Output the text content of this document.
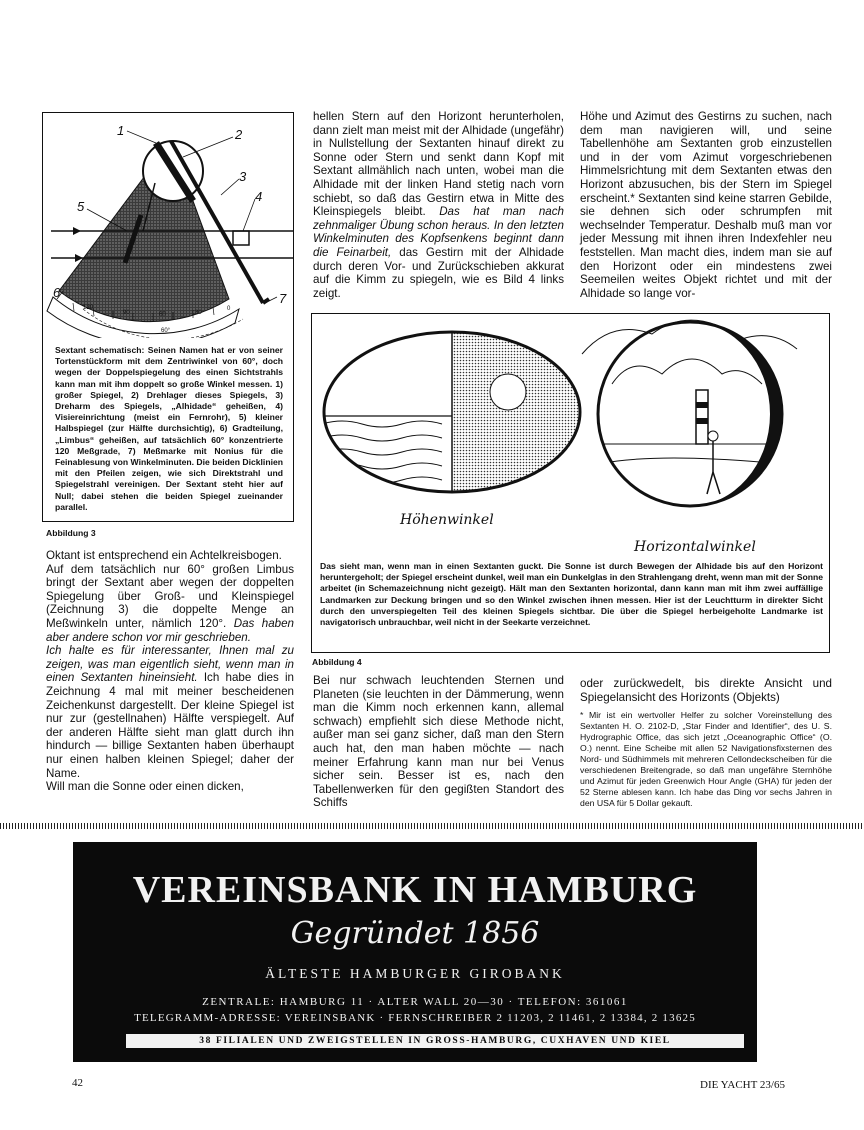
1	2
3
4
5
6	7
120
90	60	30
0
60°
Sextant schematisch: Seinen Namen hat er von seiner Tortenstückform mit dem Zentriwinkel von 60°, doch wegen der Doppelspiegelung des einen Sichtstrahls kann man mit ihm doppelt so große Winkel messen. 1) großer Spiegel, 2) Drehlager dieses Spiegels, 3) Dreharm des Spiegels, „Alhidade“ geheißen, 4) Visiereinrichtung (meist ein Fernrohr), 5) kleiner Halbspiegel (zur Hälfte durchsichtig), 6) Gradteilung, „Limbus“ geheißen, auf tatsächlich 60° konzentrierte 120 Meßgrade, 7) Meßmarke mit Nonius für die Feinablesung von Winkelminuten. Die beiden Dicklinien mit den Pfeilen zeigen, wie sich Direktstrahl und Spiegelstrahl vereinigen. Der Sextant steht hier auf Null; dabei stehen die beiden Spiegel zueinander parallel.
Abbildung 3

Oktant ist entsprechend ein Achtelkreisbogen.

Auf dem tatsächlich nur 60° großen Limbus bringt der Sextant aber wegen der doppelten Spiegelung über Groß- und Kleinspiegel (Zeichnung 3) die doppelte Menge an Meßwinkeln unter, nämlich 120°. Das haben aber andere schon vor mir geschrieben.

Ich halte es für interessanter, Ihnen mal zu zeigen, was man eigentlich sieht, wenn man in einen Sextanten hineinsieht. Ich habe dies in Zeichnung 4 mal mit meiner bescheidenen Zeichenkunst dargestellt. Der kleine Spiegel ist nur zur (gestellnahen) Hälfte verspiegelt. Auf der anderen Hälfte sieht man glatt durch ihn hindurch — billige Sextanten haben überhaupt nur einen halben kleinen Spiegel; daher der Name.

Will man die Sonne oder einen dicken,

hellen Stern auf den Horizont herunterholen, dann zielt man meist mit der Alhidade (ungefähr) in Nullstellung der Sextanten hinauf direkt zu Sonne oder Stern und senkt dann Kopf mit Sextant allmählich nach unten, wobei man die Alhidade mit der linken Hand stetig nach vorn schiebt, so daß das Gestirn etwa in Mitte des Kleinspiegels bleibt. Das hat man nach zehnmaliger Übung schon heraus. In den letzten Winkelminuten des Kopfsenkens beginnt dann die Feinarbeit, das Gestirn mit der Alhidade durch deren Vor- und Zurückschieben akkurat auf die Kimm zu spiegeln, wie es Bild 4 links zeigt.

Höhe und Azimut des Gestirns zu suchen, nach dem man navigieren will, und seine Tabellenhöhe am Sextanten grob einzustellen und in der vom Azimut vorgeschriebenen Himmelsrichtung mit dem Sextanten etwas den Horizont abzusuchen, bis der Stern im Spiegel erscheint.* Sextanten sind keine starren Gebilde, sie dehnen sich oder schrumpfen mit wechselnder Temperatur. Deshalb muß man vor jeder Messung mit ihnen ihren Indexfehler neu feststellen. Man macht dies, indem man sie auf den Horizont oder ein mindestens zwei Seemeilen weites Objekt richtet und mit der Alhidade so lange vor-

Höhenwinkel
Horizontalwinkel
Das sieht man, wenn man in einen Sextanten guckt. Die Sonne ist durch Bewegen der Alhidade bis auf den Horizont heruntergeholt; der Spiegel erscheint dunkel, weil man ein Dunkelglas in den Strahlengang dreht, wenn man mit der Sonne arbeitet (in Schemazeichnung nicht gezeigt). Hält man den Sextanten horizontal, dann kann man mit ihm zwei auffällige Landmarken zur Deckung bringen und so den Winkel zwischen ihnen messen. Hier ist der Leuchtturm in direkter Sicht durch den unverspiegelten Teil des kleinen Spiegels sichtbar. Die über die Spiegel herbeigeholte Landmarke ist navigatorisch unbrauchbar, weil nicht in der Seekarte verzeichnet.
Abbildung 4

Bei nur schwach leuchtenden Sternen und Planeten (sie leuchten in der Dämmerung, wenn man die Kimm noch erkennen kann, allemal schwach) empfiehlt sich diese Methode nicht, außer man sei ganz sicher, daß man den Stern auch hat, den man haben möchte — nach meiner Erfahrung kann man nur bei Venus sicher sein. Besser ist es, nach den Tabellenwerken für den gegißten Standort des Schiffs

oder zurückwedelt, bis direkte Ansicht und Spiegelansicht des Horizonts (Objekts)

* Mir ist ein wertvoller Helfer zu solcher Voreinstellung des Sextanten H. O. 2102-D, „Star Finder and Identifier“, des U. S. Hydrographic Office, das sich jetzt „Oceanographic Office“ (O. O.) nennt. Eine Scheibe mit allen 52 Navigationsfixsternen des Nord- und Südhimmels mit mehreren Cellondeckscheiben für die verschiedenen Breitengrade, so daß man ungefähre Sternhöhe und Azimut für jeden Greenwich Hour Angle (GHA) für jeden der 52 Sterne ablesen kann. Ich habe das Ding vor sechs Jahren in den USA für 5 Dollar gekauft.
VEREINSBANK IN HAMBURG
Gegründet 1856
ÄLTESTE HAMBURGER GIROBANK
ZENTRALE: HAMBURG 11 · ALTER WALL 20—30 · TELEFON: 361061
TELEGRAMM-ADRESSE: VEREINSBANK · FERNSCHREIBER 2 11203, 2 11461, 2 13384, 2 13625
38 FILIALEN UND ZWEIGSTELLEN IN GROSS-HAMBURG, CUXHAVEN UND KIEL
42	DIE YACHT 23/65
